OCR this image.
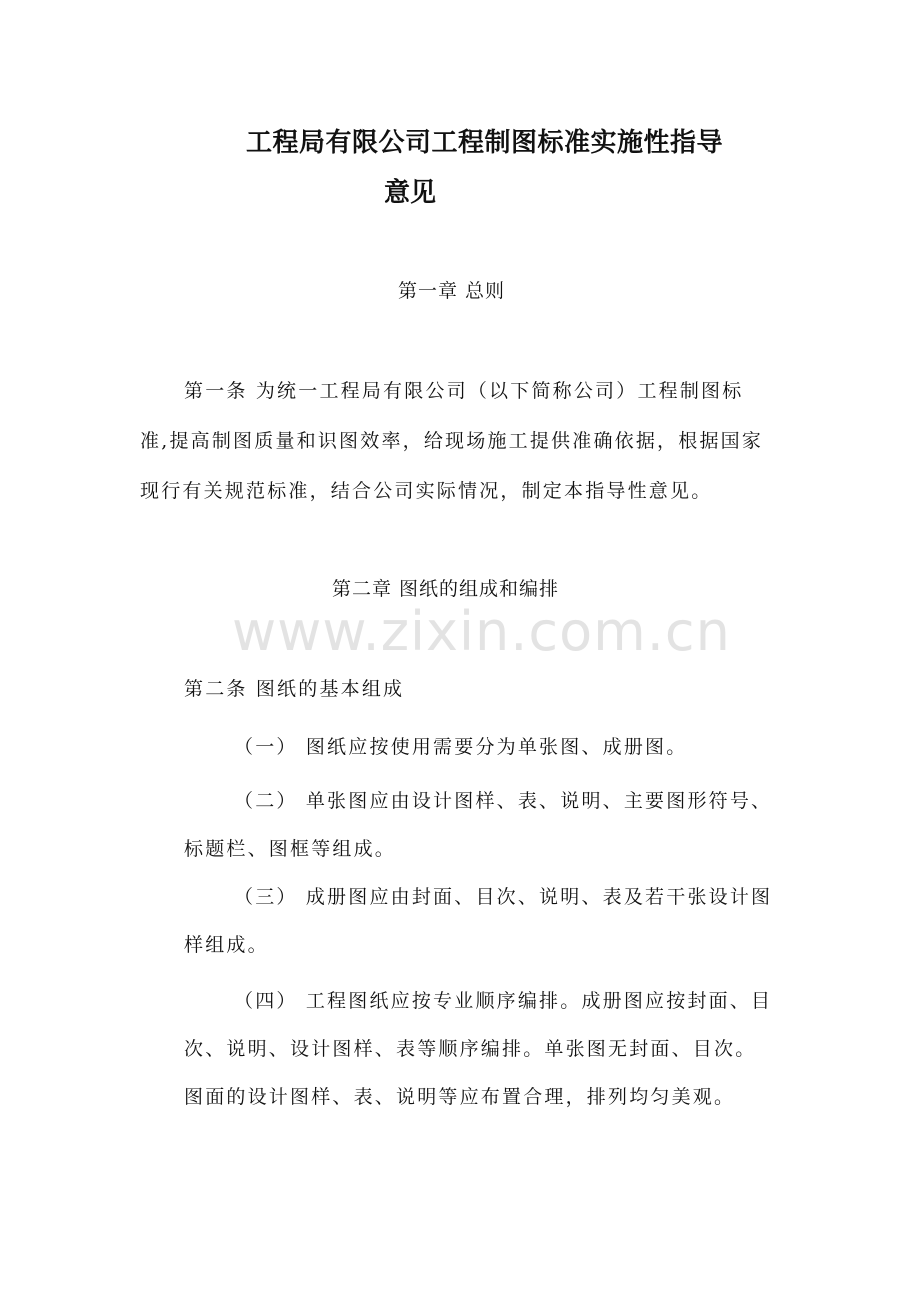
www.zixin.com.cn
工程局有限公司工程制图标准实施性指导
意见
第一章 总则
第一条 为统一工程局有限公司（以下简称公司）工程制图标
准,提高制图质量和识图效率，给现场施工提供准确依据，根据国家
现行有关规范标准，结合公司实际情况，制定本指导性意见。
第二章 图纸的组成和编排
第二条 图纸的基本组成
（一） 图纸应按使用需要分为单张图、成册图。
（二） 单张图应由设计图样、表、说明、主要图形符号、
标题栏、图框等组成。
（三） 成册图应由封面、目次、说明、表及若干张设计图
样组成。
（四） 工程图纸应按专业顺序编排。成册图应按封面、目
次、说明、设计图样、表等顺序编排。单张图无封面、目次。
图面的设计图样、表、说明等应布置合理，排列均匀美观。
